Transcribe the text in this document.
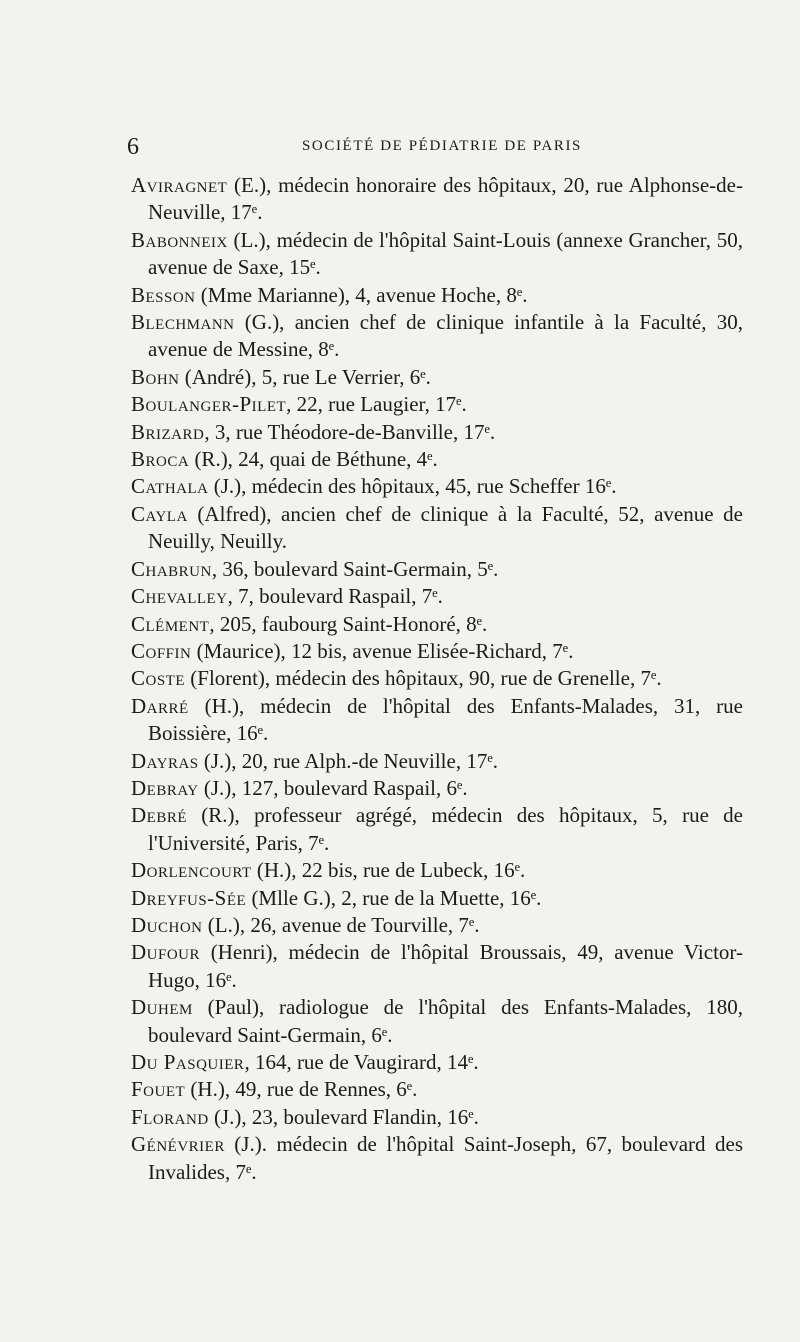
6	SOCIÉTÉ DE PÉDIATRIE DE PARIS

Aviragnet (E.), médecin honoraire des hôpitaux, 20, rue Alphonse-de-Neuville, 17ᵉ.

Babonneix (L.), médecin de l'hôpital Saint-Louis (annexe Grancher, 50, avenue de Saxe, 15ᵉ.

Besson (Mme Marianne), 4, avenue Hoche, 8ᵉ.

Blechmann (G.), ancien chef de clinique infantile à la Faculté, 30, avenue de Messine, 8ᵉ.

Bohn (André), 5, rue Le Verrier, 6ᵉ.

Boulanger-Pilet, 22, rue Laugier, 17ᵉ.

Brizard, 3, rue Théodore-de-Banville, 17ᵉ.

Broca (R.), 24, quai de Béthune, 4ᵉ.

Cathala (J.), médecin des hôpitaux, 45, rue Scheffer 16ᵉ.

Cayla (Alfred), ancien chef de clinique à la Faculté, 52, avenue de Neuilly, Neuilly.

Chabrun, 36, boulevard Saint-Germain, 5ᵉ.

Chevalley, 7, boulevard Raspail, 7ᵉ.

Clément, 205, faubourg Saint-Honoré, 8ᵉ.

Coffin (Maurice), 12 bis, avenue Elisée-Richard, 7ᵉ.

Coste (Florent), médecin des hôpitaux, 90, rue de Grenelle, 7ᵉ.

Darré (H.), médecin de l'hôpital des Enfants-Malades, 31, rue Boissière, 16ᵉ.

Dayras (J.), 20, rue Alph.-de Neuville, 17ᵉ.

Debray (J.), 127, boulevard Raspail, 6ᵉ.

Debré (R.), professeur agrégé, médecin des hôpitaux, 5, rue de l'Université, Paris, 7ᵉ.

Dorlencourt (H.), 22 bis, rue de Lubeck, 16ᵉ.

Dreyfus-Sée (Mlle G.), 2, rue de la Muette, 16ᵉ.

Duchon (L.), 26, avenue de Tourville, 7ᵉ.

Dufour (Henri), médecin de l'hôpital Broussais, 49, avenue Victor-Hugo, 16ᵉ.

Duhem (Paul), radiologue de l'hôpital des Enfants-Malades, 180, boulevard Saint-Germain, 6ᵉ.

Du Pasquier, 164, rue de Vaugirard, 14ᵉ.

Fouet (H.), 49, rue de Rennes, 6ᵉ.

Florand (J.), 23, boulevard Flandin, 16ᵉ.

Génévrier (J.). médecin de l'hôpital Saint-Joseph, 67, boulevard des Invalides, 7ᵉ.
